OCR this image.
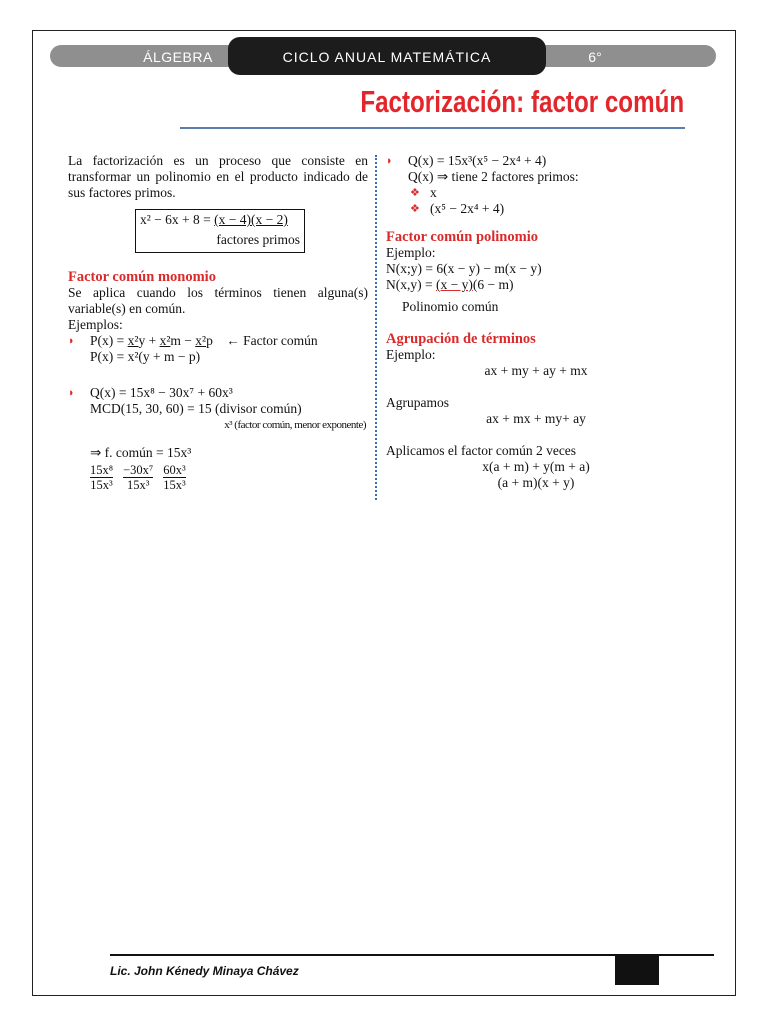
ÁLGEBRA	CICLO ANUAL MATEMÁTICA	6°
Factorización: factor común
La factorización es un proceso que consiste en transformar un polinomio en el producto indicado de sus factores primos.
x² − 6x + 8 = (x − 4)(x − 2)
factores primos
Factor común monomio
Se aplica cuando los términos tienen alguna(s) variable(s) en común.
Ejemplos:
◗ P(x) = x²y + x²m − x²p ← Factor común
P(x) = x²(y + m − p)
◗ Q(x) = 15x⁸ − 30x⁷ + 60x³
MCD(15, 30, 60) = 15 (divisor común)
x³ (factor común, menor exponente)
⇒ f. común = 15x³
$\frac{\text{15x⁸}}{\text{15x³}} \frac{\text{−30x⁷}}{\text{15x³}} \frac{\text{60x³}}{\text{15x³}}$
◗ Q(x) = 15x³(x⁵ − 2x⁴ + 4)
Q(x) ⇒ tiene 2 factores primos:
❖ x
❖ (x⁵ − 2x⁴ + 4)
Factor común polinomio
Ejemplo:
N(x;y) = 6(x − y) − m(x − y)
N(x,y) = (x − y)(6 − m)
Polinomio común
Agrupación de términos
Ejemplo:
ax + my + ay + mx
Agrupamos
ax + mx + my+ ay
Aplicamos el factor común 2 veces
x(a + m) + y(m + a)
(a + m)(x + y)
Lic. John Kénedy Minaya Chávez
